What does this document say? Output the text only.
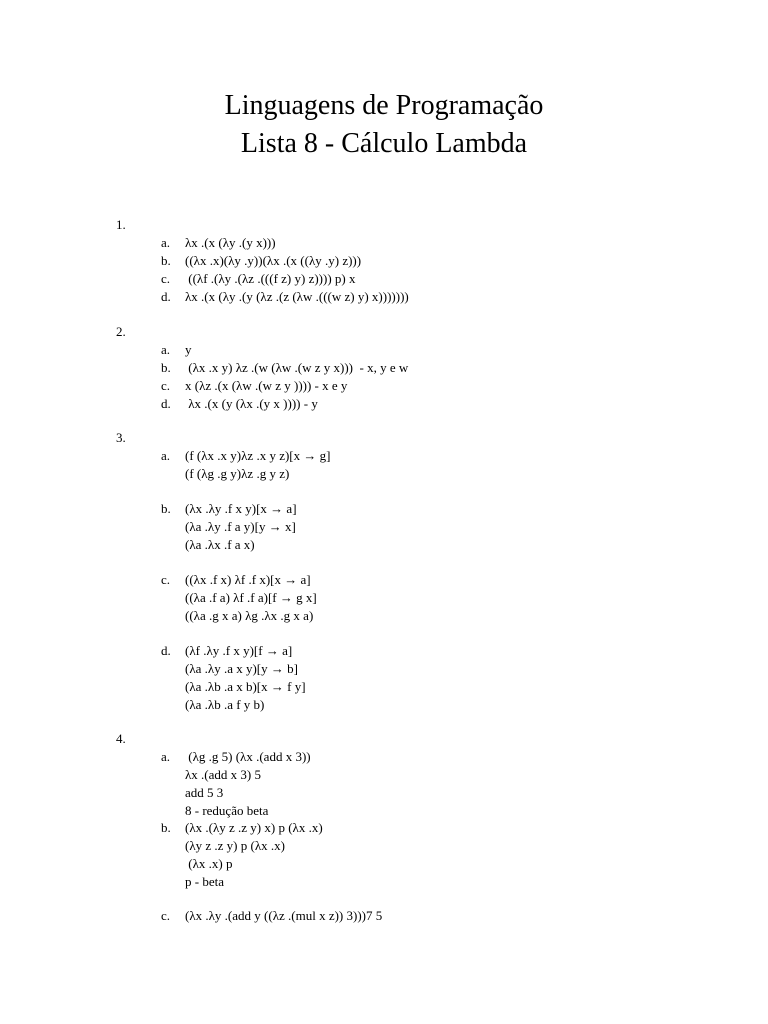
Linguagens de Programação
Lista 8 - Cálculo Lambda
1.
a. λx .(x (λy .(y x)))
b. ((λx .x)(λy .y))(λx .(x ((λy .y) z)))
c. ((λf .(λy .(λz .(((f z) y) z)))) p) x
d. λx .(x (λy .(y (λz .(z (λw .(((w z) y) x)))))))
2.
a. y
b. (λx .x y) λz .(w (λw .(w z y x)))  - x, y e w
c. x (λz .(x (λw .(w z y )))) - x e y
d. λx .(x (y (λx .(y x )))) - y
3.
a. (f (λx .x y)λz .x y z)[x → g]
(f (λg .g y)λz .g y z)
b. (λx .λy .f x y)[x → a]
(λa .λy .f a y)[y → x]
(λa .λx .f a x)
c. ((λx .f x) λf .f x)[x → a]
((λa .f a) λf .f a)[f → g x]
((λa .g x a) λg .λx .g x a)
d. (λf .λy .f x y)[f → a]
(λa .λy .a x y)[y → b]
(λa .λb .a x b)[x → f y]
(λa .λb .a f y b)
4.
a. (λg .g 5) (λx .(add x 3))
λx .(add x 3) 5
add 5 3
8 - redução beta
b. (λx .(λy z .z y) x) p (λx .x)
(λy z .z y) p (λx .x)
(λx .x) p
p - beta
c. (λx .λy .(add y ((λz .(mul x z)) 3)))7 5
